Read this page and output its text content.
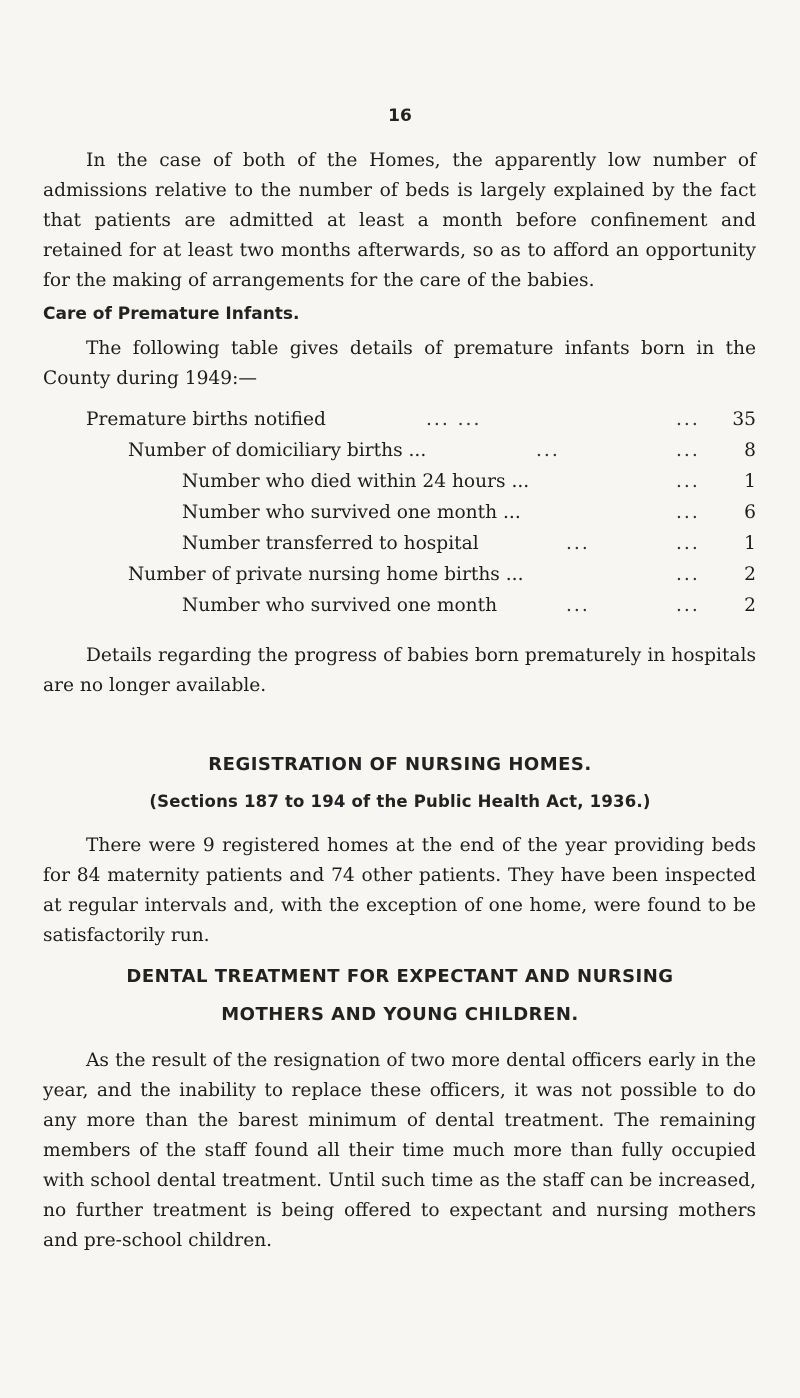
16

In the case of both of the Homes, the apparently low number of admissions relative to the number of beds is largely explained by the fact that patients are admitted at least a month before confinement and retained for at least two months afterwards, so as to afford an opportunity for the making of arrangements for the care of the babies.

Care of Premature Infants.

The following table gives details of premature infants born in the County during 1949:—

Premature births notified	... ...	... 35
Number of domiciliary births ...	...	... 8
Number who died within 24 hours ...	... 1
Number who survived one month ...	... 6
Number transferred to hospital	...	... 1
Number of private nursing home births ...	... 2
Number who survived one month	...	... 2

Details regarding the progress of babies born prematurely in hospitals are no longer available.

REGISTRATION OF NURSING HOMES.
(Sections 187 to 194 of the Public Health Act, 1936.)

There were 9 registered homes at the end of the year providing beds for 84 maternity patients and 74 other patients. They have been inspected at regular intervals and, with the exception of one home, were found to be satisfactorily run.

DENTAL TREATMENT FOR EXPECTANT AND NURSING
MOTHERS AND YOUNG CHILDREN.

As the result of the resignation of two more dental officers early in the year, and the inability to replace these officers, it was not possible to do any more than the barest minimum of dental treatment. The remaining members of the staff found all their time much more than fully occupied with school dental treatment. Until such time as the staff can be increased, no further treatment is being offered to expectant and nursing mothers and pre-school children.
